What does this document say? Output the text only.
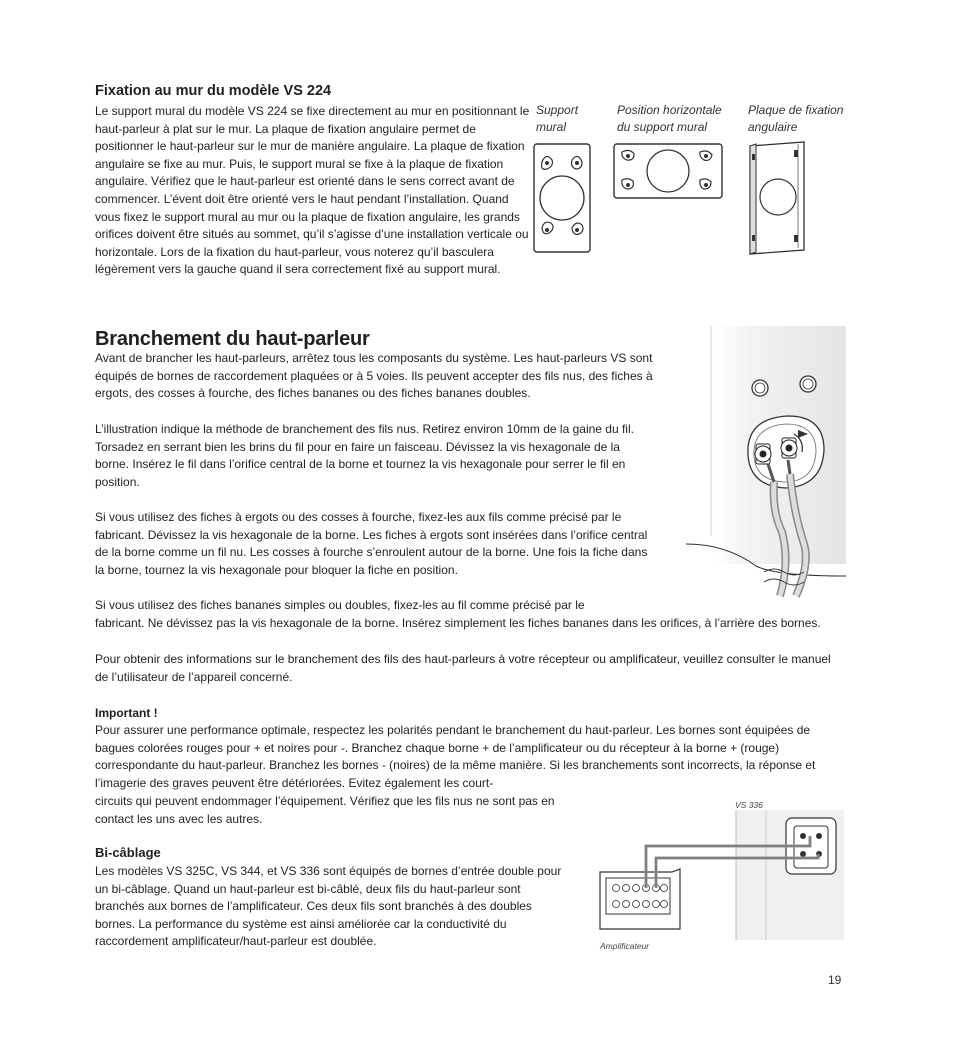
Fixation au mur du modèle VS 224

Le support mural du modèle VS 224 se fixe directement au mur en positionnant le haut-parleur à plat sur le mur. La plaque de fixation angulaire permet de positionner le haut-parleur sur le mur de manière angulaire. La plaque de fixation angulaire se fixe au mur. Puis, le support mural se fixe à la plaque de fixation angulaire. Vérifiez que le haut-parleur est orienté dans le sens correct avant de commencer. L’évent doit être orienté vers le haut pendant l’installation. Quand vous fixez le support mural au mur ou la plaque de fixation angulaire, les grands orifices doivent être situés au sommet, qu’il s’agisse d’une installation verticale ou horizontale. Lors de la fixation du haut-parleur, vous noterez qu’il basculera légèrement vers la gauche quand il sera correctement fixé au support mural.

Support mural
Position horizontale du support mural
Plaque de fixation angulaire
Branchement du haut-parleur

Avant de brancher les haut-parleurs, arrêtez tous les composants du système. Les haut-parleurs VS sont équipés de bornes de raccordement plaquées or à 5 voies. Ils peuvent accepter des fils nus, des fiches à ergots, des cosses à fourche, des fiches bananes ou des fiches bananes doubles.

L’illustration indique la méthode de branchement des fils nus. Retirez environ 10mm de la gaine du fil. Torsadez en serrant bien les brins du fil pour en faire un faisceau. Dévissez la vis hexagonale de la borne. Insérez le fil dans l’orifice central de la borne et tournez la vis hexagonale pour serrer le fil en position.

Si vous utilisez des fiches à ergots ou des cosses à fourche, fixez-les aux fils comme précisé par le fabricant. Dévissez la vis hexagonale de la borne. Les fiches à ergots sont insérées dans l’orifice central de la borne comme un fil nu. Les cosses à fourche s’enroulent autour de la borne. Une fois la fiche dans la borne, tournez la vis hexagonale pour bloquer la fiche en position.

Si vous utilisez des fiches bananes simples ou doubles, fixez-les au fil comme précisé par le

fabricant. Ne dévissez pas la vis hexagonale de la borne. Insérez simplement les fiches bananes dans les orifices, à l’arrière des bornes.

Pour obtenir des informations sur le branchement des fils des haut-parleurs à votre récepteur ou amplificateur, veuillez consulter le manuel de l’utilisateur de l’appareil concerné.

Important !

Pour assurer une performance optimale, respectez les polarités pendant le branchement du haut-parleur. Les bornes sont équipées de bagues colorées rouges pour + et noires pour -. Branchez chaque borne + de l’amplificateur ou du récepteur à la borne + (rouge) correspondante du haut-parleur. Branchez les bornes - (noires) de la même manière. Si les branchements sont incorrects, la réponse et l’imagerie des graves peuvent être détériorées. Evitez également les court-

circuits qui peuvent endommager l’équipement. Vérifiez que les fils nus ne sont pas en contact les uns avec les autres.

Bi-câblage

Les modèles VS 325C, VS 344, et VS 336 sont équipés de bornes d’entrée double pour un bi-câblage. Quand un haut-parleur est bi-câblé, deux fils du haut-parleur sont branchés aux bornes de l’amplificateur. Ces deux fils sont branchés à des doubles bornes. La performance du système est ainsi améliorée car la conductivité du raccordement amplificateur/haut-parleur est doublée.

VS 336
Amplificateur
19
